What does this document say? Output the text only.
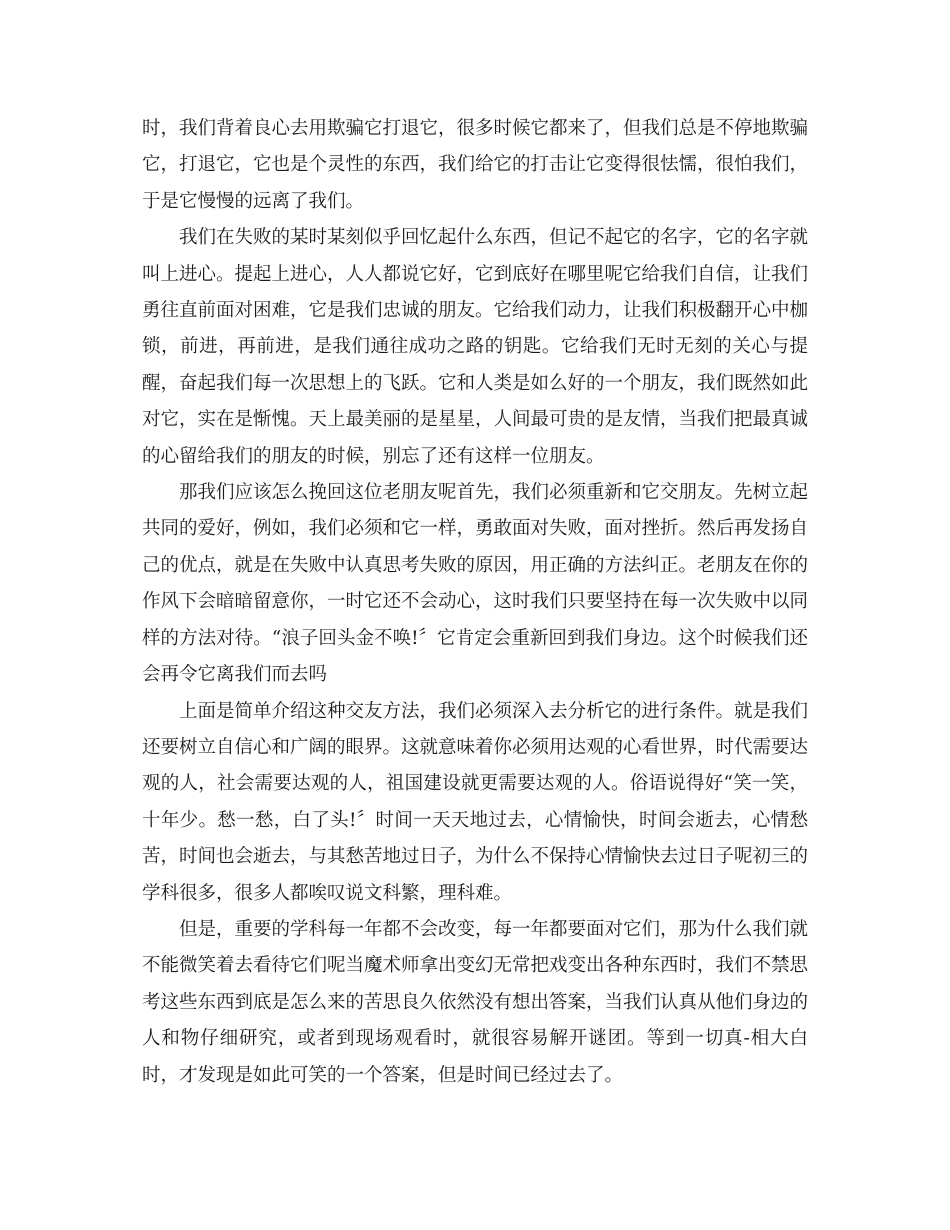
时，我们背着良心去用欺骗它打退它，很多时候它都来了，但我们总是不停地欺骗它，打退它，它也是个灵性的东西，我们给它的打击让它变得很怯懦，很怕我们，于是它慢慢的远离了我们。

我们在失败的某时某刻似乎回忆起什么东西，但记不起它的名字，它的名字就叫上进心。提起上进心，人人都说它好，它到底好在哪里呢它给我们自信，让我们勇往直前面对困难，它是我们忠诚的朋友。它给我们动力，让我们积极翻开心中枷锁，前进，再前进，是我们通往成功之路的钥匙。它给我们无时无刻的关心与提醒，奋起我们每一次思想上的飞跃。它和人类是如么好的一个朋友，我们既然如此对它，实在是惭愧。天上最美丽的是星星，人间最可贵的是友情，当我们把最真诚的心留给我们的朋友的时候，别忘了还有这样一位朋友。

那我们应该怎么挽回这位老朋友呢首先，我们必须重新和它交朋友。先树立起共同的爱好，例如，我们必须和它一样，勇敢面对失败，面对挫折。然后再发扬自己的优点，就是在失败中认真思考失败的原因，用正确的方法纠正。老朋友在你的作风下会暗暗留意你，一时它还不会动心，这时我们只要坚持在每一次失败中以同样的方法对待。“浪子回头金不唤!〞它肯定会重新回到我们身边。这个时候我们还会再令它离我们而去吗

上面是简单介绍这种交友方法，我们必须深入去分析它的进行条件。就是我们还要树立自信心和广阔的眼界。这就意味着你必须用达观的心看世界，时代需要达观的人，社会需要达观的人，祖国建设就更需要达观的人。俗语说得好“笑一笑，十年少。愁一愁，白了头!〞时间一天天地过去，心情愉快，时间会逝去，心情愁苦，时间也会逝去，与其愁苦地过日子，为什么不保持心情愉快去过日子呢初三的学科很多，很多人都唉叹说文科繁，理科难。

但是，重要的学科每一年都不会改变，每一年都要面对它们，那为什么我们就不能微笑着去看待它们呢当魔术师拿出变幻无常把戏变出各种东西时，我们不禁思考这些东西到底是怎么来的苦思良久依然没有想出答案，当我们认真从他们身边的人和物仔细研究，或者到现场观看时，就很容易解开谜团。等到一切真-相大白时，才发现是如此可笑的一个答案，但是时间已经过去了。
